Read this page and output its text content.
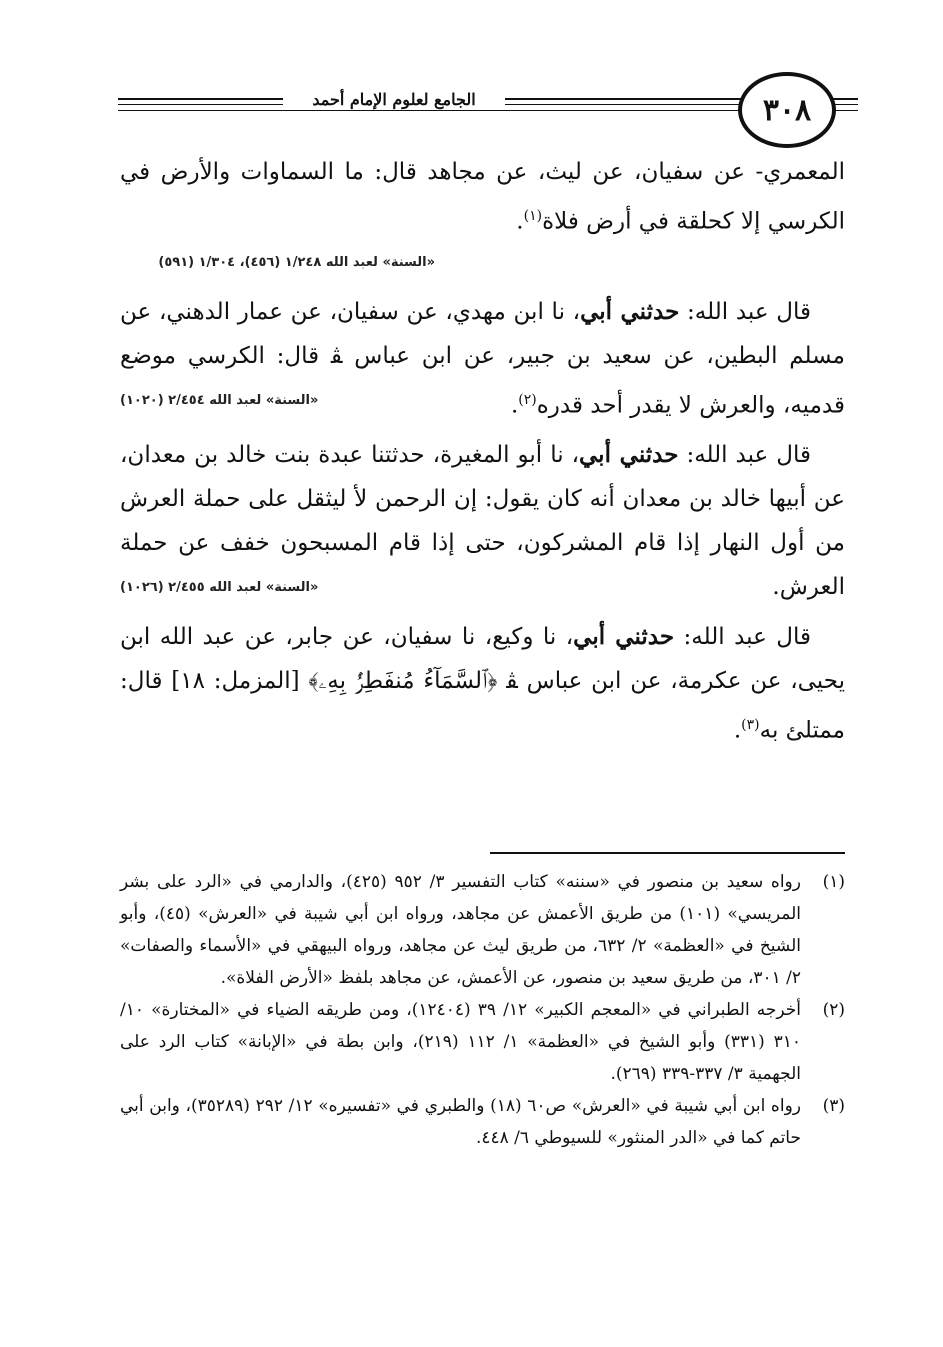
الجامع لعلوم الإمام أحمد	٣٠٨

المعمري- عن سفيان، عن ليث، عن مجاهد قال: ما السماوات والأرض في الكرسي إلا كحلقة في أرض فلاة$^{(١)}$.

«السنة» لعبد الله ١/٢٤٨ (٤٥٦)، ١/٣٠٤ (٥٩١)

قال عبد الله: حدثني أبي، نا ابن مهدي، عن سفيان، عن عمار الدهني، عن مسلم البطين، عن سعيد بن جبير، عن ابن عباس ﭭ قال: الكرسي موضع قدميه، والعرش لا يقدر أحد قدره$^{(٢)}$.
«السنة» لعبد الله ٢/٤٥٤ (١٠٢٠)

قال عبد الله: حدثني أبي، نا أبو المغيرة، حدثتنا عبدة بنت خالد بن معدان، عن أبيها خالد بن معدان أنه كان يقول: إن الرحمن ﻷ ليثقل على حملة العرش من أول النهار إذا قام المشركون، حتى إذا قام المسبحون خفف عن حملة العرش.
«السنة» لعبد الله ٢/٤٥٥ (١٠٢٦)

قال عبد الله: حدثني أبي، نا وكيع، نا سفيان، عن جابر، عن عبد الله ابن يحيى، عن عكرمة، عن ابن عباس ﭭ ﴿ٱلسَّمَآءُ مُنفَطِرُۢ بِهِۦ﴾ [المزمل: ١٨] قال: ممتلئ به$^{(٣)}$.

(١)

رواه سعيد بن منصور في «سننه» كتاب التفسير ٣/ ٩٥٢ (٤٢٥)، والدارمي في «الرد على بشر المريسي» (١٠١) من طريق الأعمش عن مجاهد، ورواه ابن أبي شيبة في «العرش» (٤٥)، وأبو الشيخ في «العظمة» ٢/ ٦٣٢، من طريق ليث عن مجاهد، ورواه البيهقي في «الأسماء والصفات» ٢/ ٣٠١، من طريق سعيد بن منصور، عن الأعمش، عن مجاهد بلفظ «الأرض الفلاة».

(٢)

أخرجه الطبراني في «المعجم الكبير» ١٢/ ٣٩ (١٢٤٠٤)، ومن طريقه الضياء في «المختارة» ١٠/ ٣١٠ (٣٣١) وأبو الشيخ في «العظمة» ١/ ١١٢ (٢١٩)، وابن بطة في «الإبانة» كتاب الرد على الجهمية ٣/ ٣٣٧-٣٣٩ (٢٦٩).

(٣)

رواه ابن أبي شيبة في «العرش» ص٦٠ (١٨) والطبري في «تفسيره» ١٢/ ٢٩٢ (٣٥٢٨٩)، وابن أبي حاتم كما في «الدر المنثور» للسيوطي ٦/ ٤٤٨.
